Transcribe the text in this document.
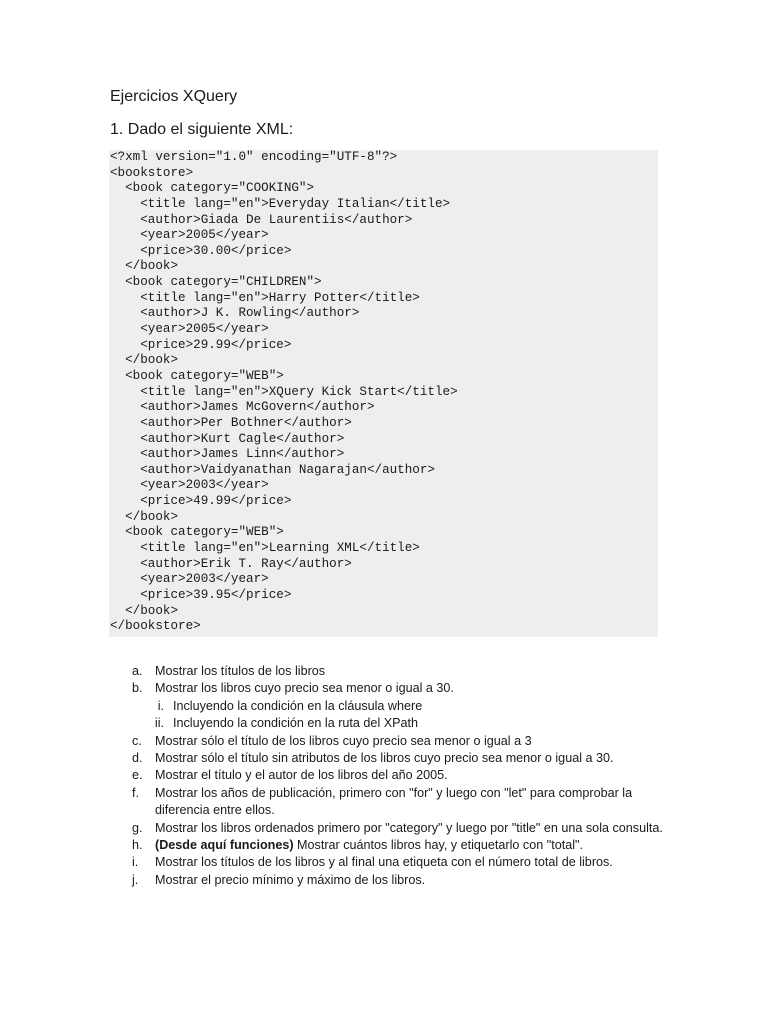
Ejercicios XQuery
1. Dado el siguiente XML:
<?xml version="1.0" encoding="UTF-8"?>
<bookstore>
<book category="COOKING">
<title lang="en">Everyday Italian</title>
<author>Giada De Laurentiis</author>
<year>2005</year>
<price>30.00</price>
</book>
<book category="CHILDREN">
<title lang="en">Harry Potter</title>
<author>J K. Rowling</author>
<year>2005</year>
<price>29.99</price>
</book>
<book category="WEB">
<title lang="en">XQuery Kick Start</title>
<author>James McGovern</author>
<author>Per Bothner</author>
<author>Kurt Cagle</author>
<author>James Linn</author>
<author>Vaidyanathan Nagarajan</author>
<year>2003</year>
<price>49.99</price>
</book>
<book category="WEB">
<title lang="en">Learning XML</title>
<author>Erik T. Ray</author>
<year>2003</year>
<price>39.95</price>
</book>
</bookstore>
a. Mostrar los títulos de los libros
b. Mostrar los libros cuyo precio sea menor o igual a 30.
i. Incluyendo la condición en la cláusula where
ii. Incluyendo la condición en la ruta del XPath
c. Mostrar sólo el título de los libros cuyo precio sea menor o igual a 3
d. Mostrar sólo el título sin atributos de los libros cuyo precio sea menor o igual a 30.
e. Mostrar el título y el autor de los libros del año 2005.
f. Mostrar los años de publicación, primero con "for" y luego con "let" para comprobar la diferencia entre ellos.
g. Mostrar los libros ordenados primero por "category" y luego por "title" en una sola consulta.
h. (Desde aquí funciones) Mostrar cuántos libros hay, y etiquetarlo con "total".
i. Mostrar los títulos de los libros y al final una etiqueta con el número total de libros.
j. Mostrar el precio mínimo y máximo de los libros.
